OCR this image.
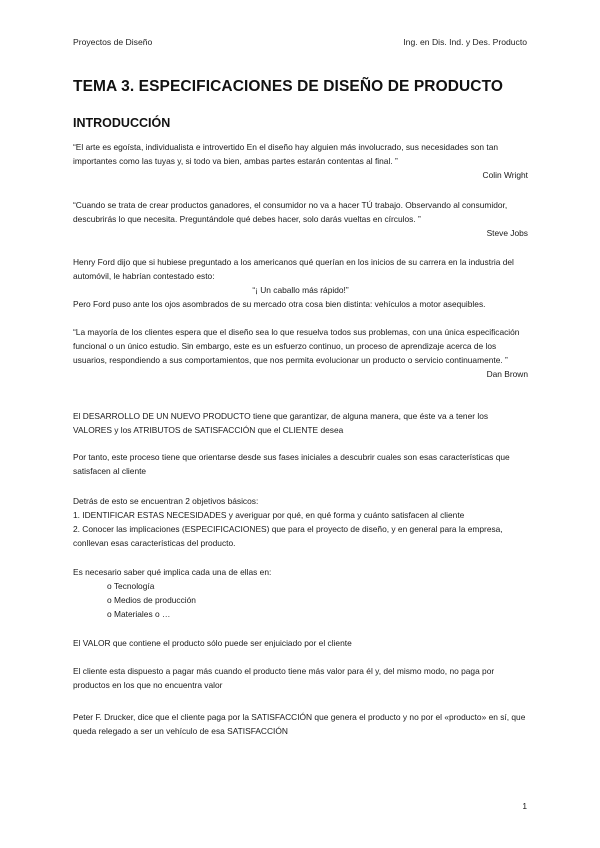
Proyectos de Diseño	Ing. en Dis. Ind. y Des. Producto
TEMA 3. ESPECIFICACIONES DE DISEÑO DE PRODUCTO
INTRODUCCIÓN
“El arte es egoísta, individualista e introvertido En el diseño hay alguien más involucrado, sus necesidades son tan importantes como las tuyas y, si todo va bien, ambas partes estarán contentas al final. ”
Colin Wright
“Cuando se trata de crear productos ganadores, el consumidor no va a hacer TÚ trabajo. Observando al consumidor, descubrirás lo que necesita. Preguntándole qué debes hacer, solo darás vueltas en círculos. ”
Steve Jobs
Henry Ford dijo que si hubiese preguntado a los americanos qué querían en los inicios de su carrera en la industria del automóvil, le habrían contestado esto:
“¡ Un caballo más rápido!”
Pero Ford puso ante los ojos asombrados de su mercado otra cosa bien distinta: vehículos a motor asequibles.
“La mayoría de los clientes espera que el diseño sea lo que resuelva todos sus problemas, con una única especificación funcional o un único estudio. Sin embargo, este es un esfuerzo continuo, un proceso de aprendizaje acerca de los usuarios, respondiendo a sus comportamientos, que nos permita evolucionar un producto o servicio continuamente. ”
Dan Brown

El DESARROLLO DE UN NUEVO PRODUCTO tiene que garantizar, de alguna manera, que éste va a tener los VALORES y los ATRIBUTOS de SATISFACCIÓN que el CLIENTE desea

Por tanto, este proceso tiene que orientarse desde sus fases iniciales a descubrir cuales son esas características que satisfacen al cliente

Detrás de esto se encuentran 2 objetivos básicos:
1. IDENTIFICAR ESTAS NECESIDADES y averiguar por qué, en qué forma y cuánto satisfacen al cliente
2. Conocer las implicaciones (ESPECIFICACIONES) que para el proyecto de diseño, y en general para la empresa, conllevan esas características del producto.
Es necesario saber qué implica cada una de ellas en:
o Tecnología
o Medios de producción
o Materiales o …

El VALOR que contiene el producto sólo puede ser enjuiciado por el cliente

El cliente esta dispuesto a pagar más cuando el producto tiene más valor para él y, del mismo modo, no paga por productos en los que no encuentra valor

Peter F. Drucker, dice que el cliente paga por la SATISFACCIÓN que genera el producto y no por el «producto» en sí, que queda relegado a ser un vehículo de esa SATISFACCIÓN

1
